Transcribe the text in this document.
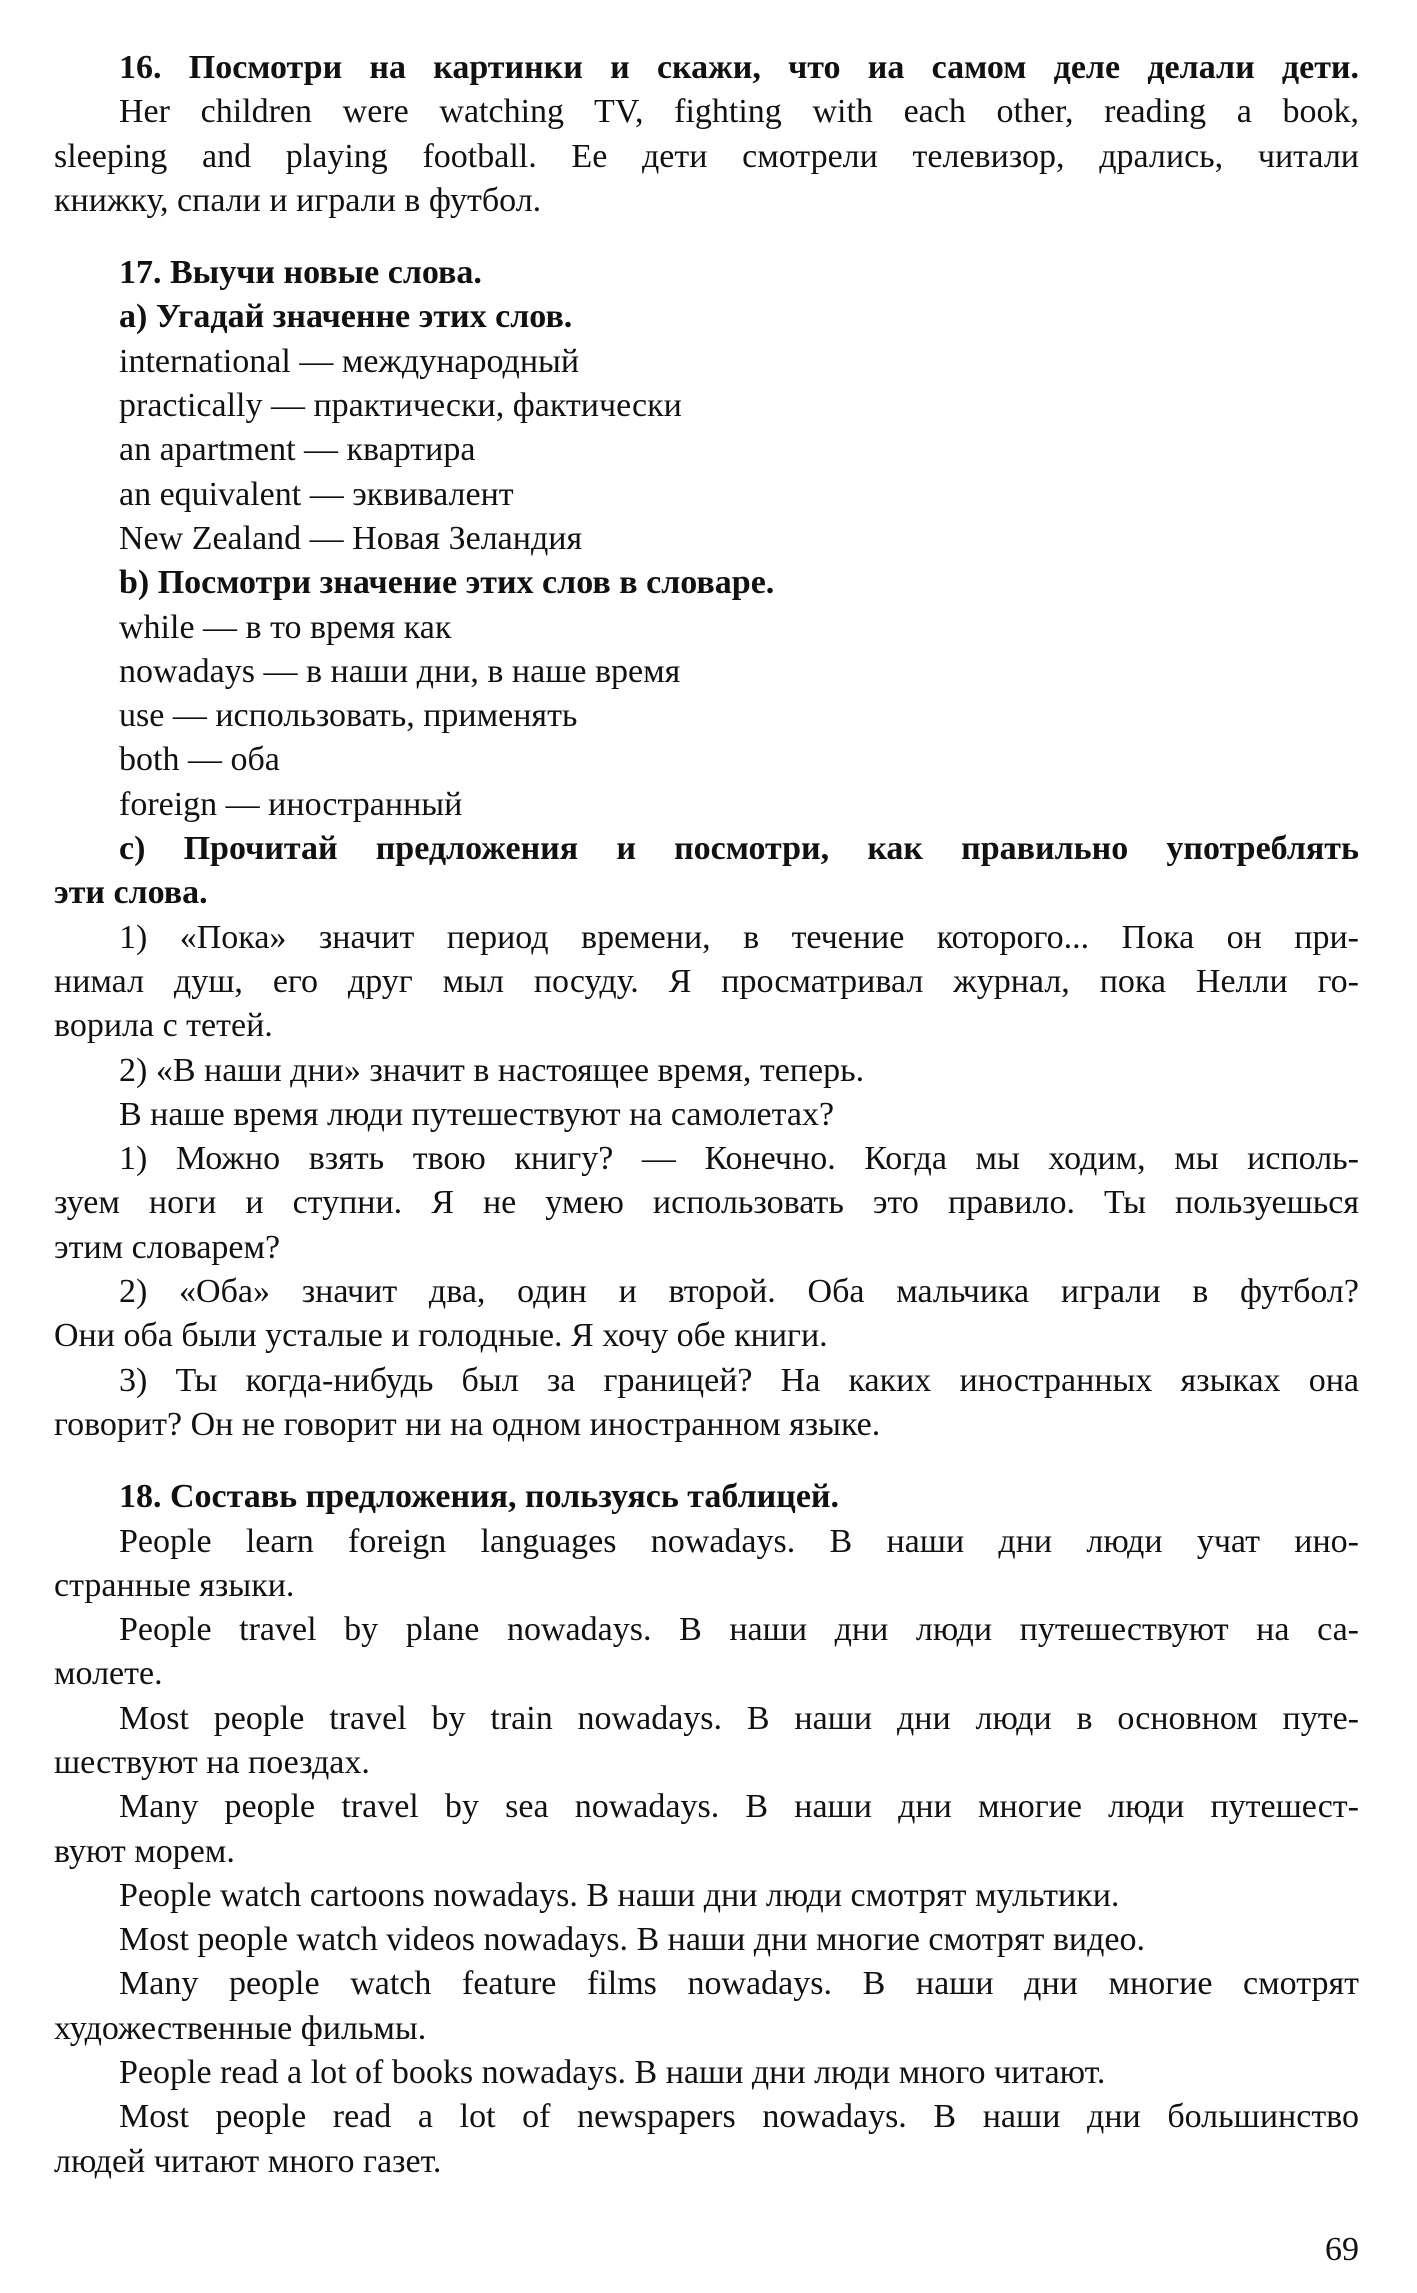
16. Посмотри на картинки и скажи, что иа самом деле делали дети.
Her children were watching TV, fighting with each other, reading a book,
sleeping and playing football. Ее дети смотрели телевизор, дрались, читали
книжку, спали и играли в футбол.
17. Выучи новые слова.
a) Угадай значенне этих слов.
international — международный
practically — практически, фактически
an apartment — квартира
an equivalent — эквивалент
New Zealand — Новая Зеландия
b) Посмотри значение этих слов в словаре.
while — в то время как
nowadays — в наши дни, в наше время
use — использовать, применять
both — оба
foreign — иностранный
c) Прочитай предложения и посмотри, как правильно употреблять
эти слова.
1) «Пока» значит период времени, в течение которого... Пока он при-
нимал душ, его друг мыл посуду. Я просматривал журнал, пока Нелли го-
ворила с тетей.
2) «В наши дни» значит в настоящее время, теперь.
В наше время люди путешествуют на самолетах?
1) Можно взять твою книгу? — Конечно. Когда мы ходим, мы исполь-
зуем ноги и ступни. Я не умею использовать это правило. Ты пользуешься
этим словарем?
2) «Оба» значит два, один и второй. Оба мальчика играли в футбол?
Они оба были усталые и голодные. Я хочу обе книги.
3) Ты когда-нибудь был за границей? На каких иностранных языках она
говорит? Он не говорит ни на одном иностранном языке.
18. Составь предложения, пользуясь таблицей.
People learn foreign languages nowadays. В наши дни люди учат ино-
странные языки.
People travel by plane nowadays. В наши дни люди путешествуют на са-
молете.
Most people travel by train nowadays. В наши дни люди в основном путе-
шествуют на поездах.
Many people travel by sea nowadays. В наши дни многие люди путешест-
вуют морем.
People watch cartoons nowadays. В наши дни люди смотрят мультики.
Most people watch videos nowadays. В наши дни многие смотрят видео.
Many people watch feature films nowadays. В наши дни многие смотрят
художественные фильмы.
People read a lot of books nowadays. В наши дни люди много читают.
Most people read a lot of newspapers nowadays. В наши дни большинство
людей читают много газет.
69
